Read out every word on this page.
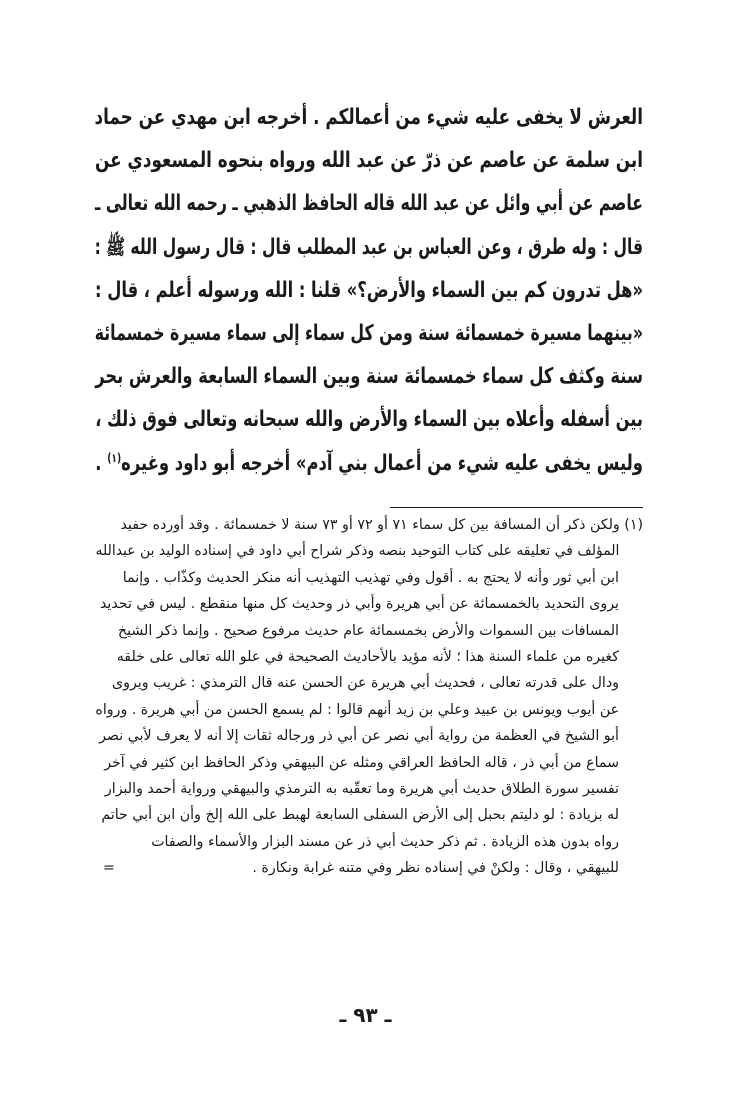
العرش لا يخفى عليه شيء من أعمالكم . أخرجه ابن مهدي عن حماد
ابن سلمة عن عاصم عن ذرّ عن عبد الله ورواه بنحوه المسعودي عن
عاصم عن أبي وائل عن عبد الله قاله الحافظ الذهبي ـ رحمه الله تعالى ـ
قال : وله طرق ، وعن العباس بن عبد المطلب قال : قال رسول الله ﷺ :
«هل تدرون كم بين السماء والأرض؟» قلنا : الله ورسوله أعلم ، قال :
«بينهما مسيرة خمسمائة سنة ومن كل سماء إلى سماء مسيرة خمسمائة
سنة وكثف كل سماء خمسمائة سنة وبين السماء السابعة والعرش بحر
بين أسفله وأعلاه بين السماء والأرض والله سبحانه وتعالى فوق ذلك ،
وليس يخفى عليه شيء من أعمال بني آدم» أخرجه أبو داود وغيره$^{(١)}$ .
(١) ولكن ذكر أن المسافة بين كل سماء ٧١ أو ٧٢ أو ٧٣ سنة لا خمسمائة . وقد أورده حفيد
المؤلف في تعليقه على كتاب التوحيد بنصه وذكر شراح أبي داود في إسناده الوليد بن عبدالله
ابن أبي ثور وأنه لا يحتج به . أقول وفي تهذيب التهذيب أنه منكر الحديث وكذّاب . وإنما
يروى التحديد بالخمسمائة عن أبي هريرة وأبي ذر وحديث كل منها منقطع . ليس في تحديد
المسافات بين السموات والأرض بخمسمائة عام حديث مرفوع صحيح . وإنما ذكر الشيخ
كغيره من علماء السنة هذا ؛ لأنه مؤيد بالأحاديث الصحيحة في علو الله تعالى على خلقه
ودال على قدرته تعالى ، فحديث أبي هريرة عن الحسن عنه قال الترمذي : غريب ويروى
عن أيوب ويونس بن عبيد وعلي بن زيد أنهم قالوا : لم يسمع الحسن من أبي هريرة . ورواه
أبو الشيخ في العظمة من رواية أبي نصر عن أبي ذر ورجاله ثقات إلا أنه لا يعرف لأبي نصر
سماع من أبي ذر ، قاله الحافظ العراقي ومثله عن البيهقي وذكر الحافظ ابن كثير في آخر
تفسير سورة الطلاق حديث أبي هريرة وما تعقّبه به الترمذي والبيهقي ورواية أحمد والبزار
له بزيادة : لو دليتم بحبل إلى الأرض السفلى السابعة لهبط على الله إلخ وأن ابن أبي حاتم
رواه بدون هذه الزيادة . ثم ذكر حديث أبي ذر عن مسند البزار والأسماء والصفات
للبيهقي ، وقال : ولكنْ في إسناده نظر وفي متنه غرابة ونكارة .
=
ـ ٩٣ ـ
